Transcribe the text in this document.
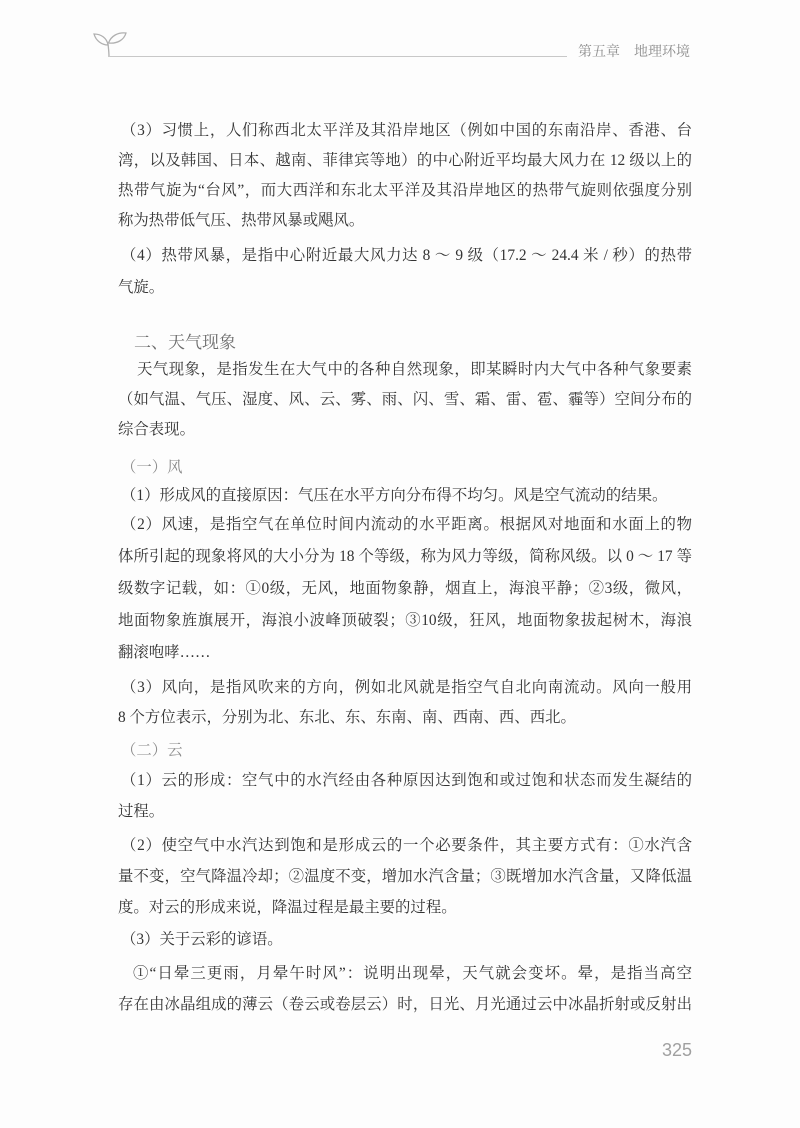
第五章　地理环境
（3）习惯上，人们称西北太平洋及其沿岸地区（例如中国的东南沿岸、香港、台
湾，以及韩国、日本、越南、菲律宾等地）的中心附近平均最大风力在 12 级以上的
热带气旋为“台风”，而大西洋和东北太平洋及其沿岸地区的热带气旋则依强度分别
称为热带低气压、热带风暴或飓风。
（4）热带风暴，是指中心附近最大风力达 8 ～ 9 级（17.2 ～ 24.4 米 / 秒）的热带
气旋。
二、天气现象
天气现象，是指发生在大气中的各种自然现象，即某瞬时内大气中各种气象要素
（如气温、气压、湿度、风、云、雾、雨、闪、雪、霜、雷、雹、霾等）空间分布的
综合表现。
（一）风
（1）形成风的直接原因：气压在水平方向分布得不均匀。风是空气流动的结果。
（2）风速，是指空气在单位时间内流动的水平距离。根据风对地面和水面上的物
体所引起的现象将风的大小分为 18 个等级，称为风力等级，简称风级。以 0 ～ 17 等
级数字记载，如：①0级，无风，地面物象静，烟直上，海浪平静；②3级，微风，
地面物象旌旗展开，海浪小波峰顶破裂；③10级，狂风，地面物象拔起树木，海浪
翻滚咆哮……
（3）风向，是指风吹来的方向，例如北风就是指空气自北向南流动。风向一般用
8 个方位表示，分别为北、东北、东、东南、南、西南、西、西北。
（二）云
（1）云的形成：空气中的水汽经由各种原因达到饱和或过饱和状态而发生凝结的
过程。
（2）使空气中水汽达到饱和是形成云的一个必要条件，其主要方式有：①水汽含
量不变，空气降温冷却；②温度不变，增加水汽含量；③既增加水汽含量，又降低温
度。对云的形成来说，降温过程是最主要的过程。
（3）关于云彩的谚语。
①“日晕三更雨，月晕午时风”：说明出现晕，天气就会变坏。晕，是指当高空
存在由冰晶组成的薄云（卷云或卷层云）时，日光、月光通过云中冰晶折射或反射出
325
